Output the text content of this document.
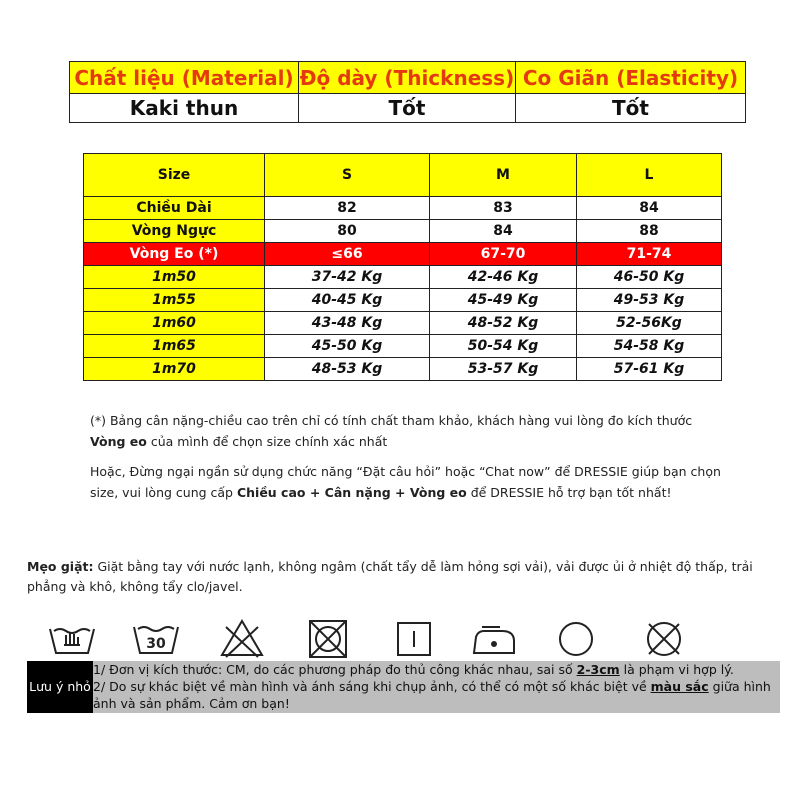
Chất liệu (Material)	Độ dày (Thickness)	Co Giãn (Elasticity)
Kaki thun	Tốt	Tốt
Size	S	M	L
Chiều Dài	82	83	84
Vòng Ngực	80	84	88
Vòng Eo (*)	≤66	67-70	71-74
1m50	37-42 Kg	42-46 Kg	46-50 Kg
1m55	40-45 Kg	45-49 Kg	49-53 Kg
1m60	43-48 Kg	48-52 Kg	52-56Kg
1m65	45-50 Kg	50-54 Kg	54-58 Kg
1m70	48-53 Kg	53-57 Kg	57-61 Kg
(*) Bảng cân nặng-chiều cao trên chỉ có tính chất tham khảo, khách hàng vui lòng đo kích thước Vòng eo của mình để chọn size chính xác nhất
Hoặc, Đừng ngại ngần sử dụng chức năng “Đặt câu hỏi” hoặc “Chat now” để DRESSIE giúp bạn chọn size, vui lòng cung cấp Chiều cao + Cân nặng + Vòng eo để DRESSIE hỗ trợ bạn tốt nhất!
Mẹo giặt: Giặt bằng tay với nước lạnh, không ngâm (chất tẩy dễ làm hỏng sợi vải), vải được ủi ở nhiệt độ thấp, trải phẳng và khô, không tẩy clo/javel.
30
Lưu ý nhỏ
1/ Đơn vị kích thước: CM, do các phương pháp đo thủ công khác nhau, sai số 2-3cm là phạm vi hợp lý.
2/ Do sự khác biệt về màn hình và ánh sáng khi chụp ảnh, có thể có một số khác biệt về màu sắc giữa hình ảnh và sản phẩm. Cảm ơn bạn!
